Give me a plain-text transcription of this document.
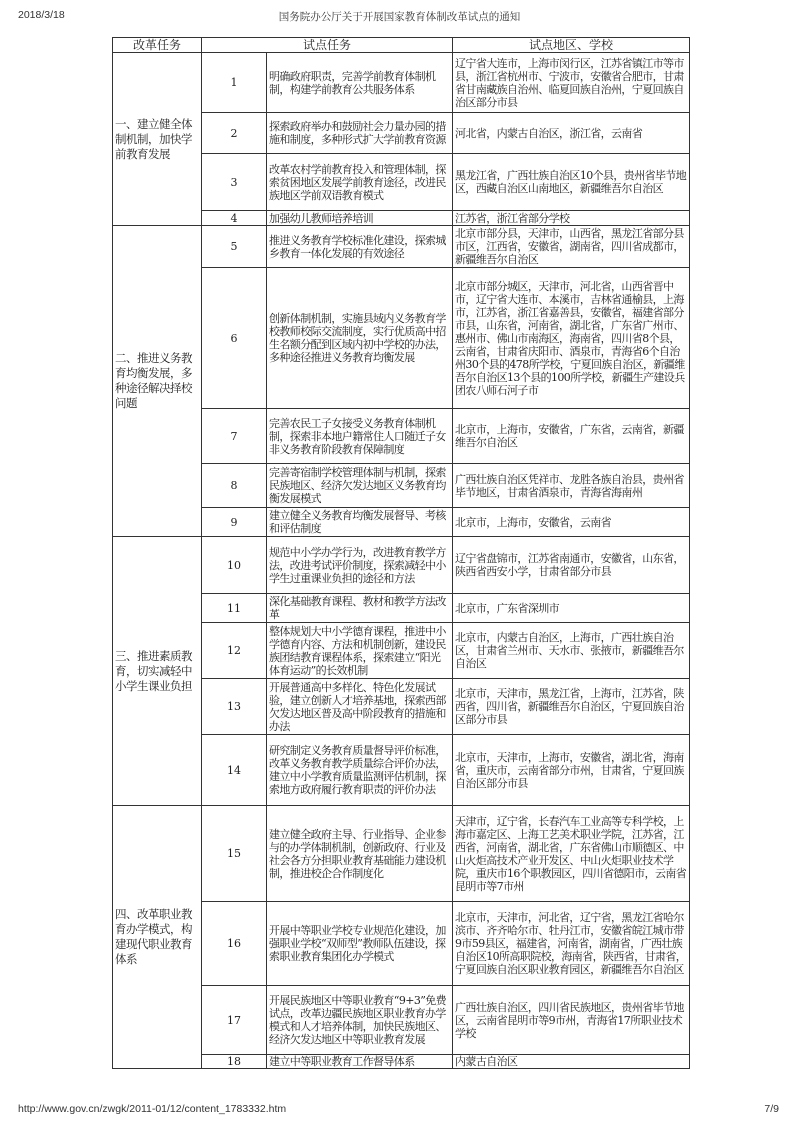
2018/3/18	国务院办公厅关于开展国家教育体制改革试点的通知
改革任务	试点任务		试点地区、学校
一、建立健全体制机制，加快学前教育发展	1	明确政府职责，完善学前教育体制机制，构建学前教育公共服务体系	辽宁省大连市，上海市闵行区，江苏省镇江市等市县，浙江省杭州市、宁波市，安徽省合肥市，甘肃省甘南藏族自治州、临夏回族自治州，宁夏回族自治区部分市县
	2	探索政府举办和鼓励社会力量办园的措施和制度，多种形式扩大学前教育资源	河北省，内蒙古自治区，浙江省，云南省
	3	改革农村学前教育投入和管理体制，探索贫困地区发展学前教育途径，改进民族地区学前双语教育模式	黑龙江省，广西壮族自治区10个县，贵州省毕节地区，西藏自治区山南地区，新疆维吾尔自治区
	4	加强幼儿教师培养培训	江苏省，浙江省部分学校
二、推进义务教育均衡发展，多种途径解决择校问题	5	推进义务教育学校标准化建设，探索城乡教育一体化发展的有效途径	北京市部分县，天津市，山西省，黑龙江省部分县市区，江西省，安徽省，湖南省，四川省成都市，新疆维吾尔自治区
	6	创新体制机制，实施县域内义务教育学校教师校际交流制度，实行优质高中招生名额分配到区域内初中学校的办法，多种途径推进义务教育均衡发展	北京市部分城区，天津市，河北省，山西省晋中市，辽宁省大连市、本溪市，吉林省通榆县，上海市，江苏省，浙江省嘉善县，安徽省，福建省部分市县，山东省，河南省，湖北省，广东省广州市、惠州市、佛山市南海区，海南省，四川省8个县，云南省，甘肃省庆阳市、酒泉市，青海省6个自治州30个县的478所学校，宁夏回族自治区，新疆维吾尔自治区13个县的100所学校，新疆生产建设兵团农八师石河子市
	7	完善农民工子女接受义务教育体制机制，探索非本地户籍常住人口随迁子女非义务教育阶段教育保障制度	北京市，上海市，安徽省，广东省，云南省，新疆维吾尔自治区
	8	完善寄宿制学校管理体制与机制，探索民族地区、经济欠发达地区义务教育均衡发展模式	广西壮族自治区凭祥市、龙胜各族自治县，贵州省毕节地区，甘肃省酒泉市，青海省海南州
	9	建立健全义务教育均衡发展督导、考核和评估制度	北京市，上海市，安徽省，云南省
三、推进素质教育，切实减轻中小学生课业负担	10	规范中小学办学行为，改进教育教学方法，改进考试评价制度，探索减轻中小学生过重课业负担的途径和方法	辽宁省盘锦市，江苏省南通市，安徽省，山东省，陕西省西安小学，甘肃省部分市县
	11	深化基础教育课程、教材和教学方法改革	北京市，广东省深圳市
	12	整体规划大中小学德育课程，推进中小学德育内容、方法和机制创新，建设民族团结教育课程体系，探索建立“阳光体育运动”的长效机制	北京市，内蒙古自治区，上海市，广西壮族自治区，甘肃省兰州市、天水市、张掖市，新疆维吾尔自治区
	13	开展普通高中多样化、特色化发展试验，建立创新人才培养基地，探索西部欠发达地区普及高中阶段教育的措施和办法	北京市，天津市，黑龙江省，上海市，江苏省，陕西省，四川省，新疆维吾尔自治区，宁夏回族自治区部分市县
	14	研究制定义务教育质量督导评价标准，改革义务教育教学质量综合评价办法，建立中小学教育质量监测评估机制，探索地方政府履行教育职责的评价办法	北京市，天津市，上海市，安徽省，湖北省，海南省，重庆市，云南省部分市州，甘肃省，宁夏回族自治区部分市县
四、改革职业教育办学模式，构建现代职业教育体系	15	建立健全政府主导、行业指导、企业参与的办学体制机制，创新政府、行业及社会各方分担职业教育基础能力建设机制，推进校企合作制度化	天津市，辽宁省，长春汽车工业高等专科学校，上海市嘉定区、上海工艺美术职业学院，江苏省，江西省，河南省，湖北省，广东省佛山市顺德区、中山火炬高技术产业开发区、中山火炬职业技术学院，重庆市16个职教园区，四川省德阳市，云南省昆明市等7市州
	16	开展中等职业学校专业规范化建设，加强职业学校“双师型”教师队伍建设，探索职业教育集团化办学模式	北京市，天津市，河北省，辽宁省，黑龙江省哈尔滨市、齐齐哈尔市、牡丹江市，安徽省皖江城市带9市59县区，福建省，河南省，湖南省，广西壮族自治区10所高职院校，海南省，陕西省，甘肃省，宁夏回族自治区职业教育园区，新疆维吾尔自治区
	17	开展民族地区中等职业教育“9+3”免费试点，改革边疆民族地区职业教育办学模式和人才培养体制，加快民族地区、经济欠发达地区中等职业教育发展	广西壮族自治区，四川省民族地区，贵州省毕节地区，云南省昆明市等9市州，青海省17所职业技术学校
	18	建立中等职业教育工作督导体系	内蒙古自治区
http://www.gov.cn/zwgk/2011-01/12/content_1783332.htm	7/9
